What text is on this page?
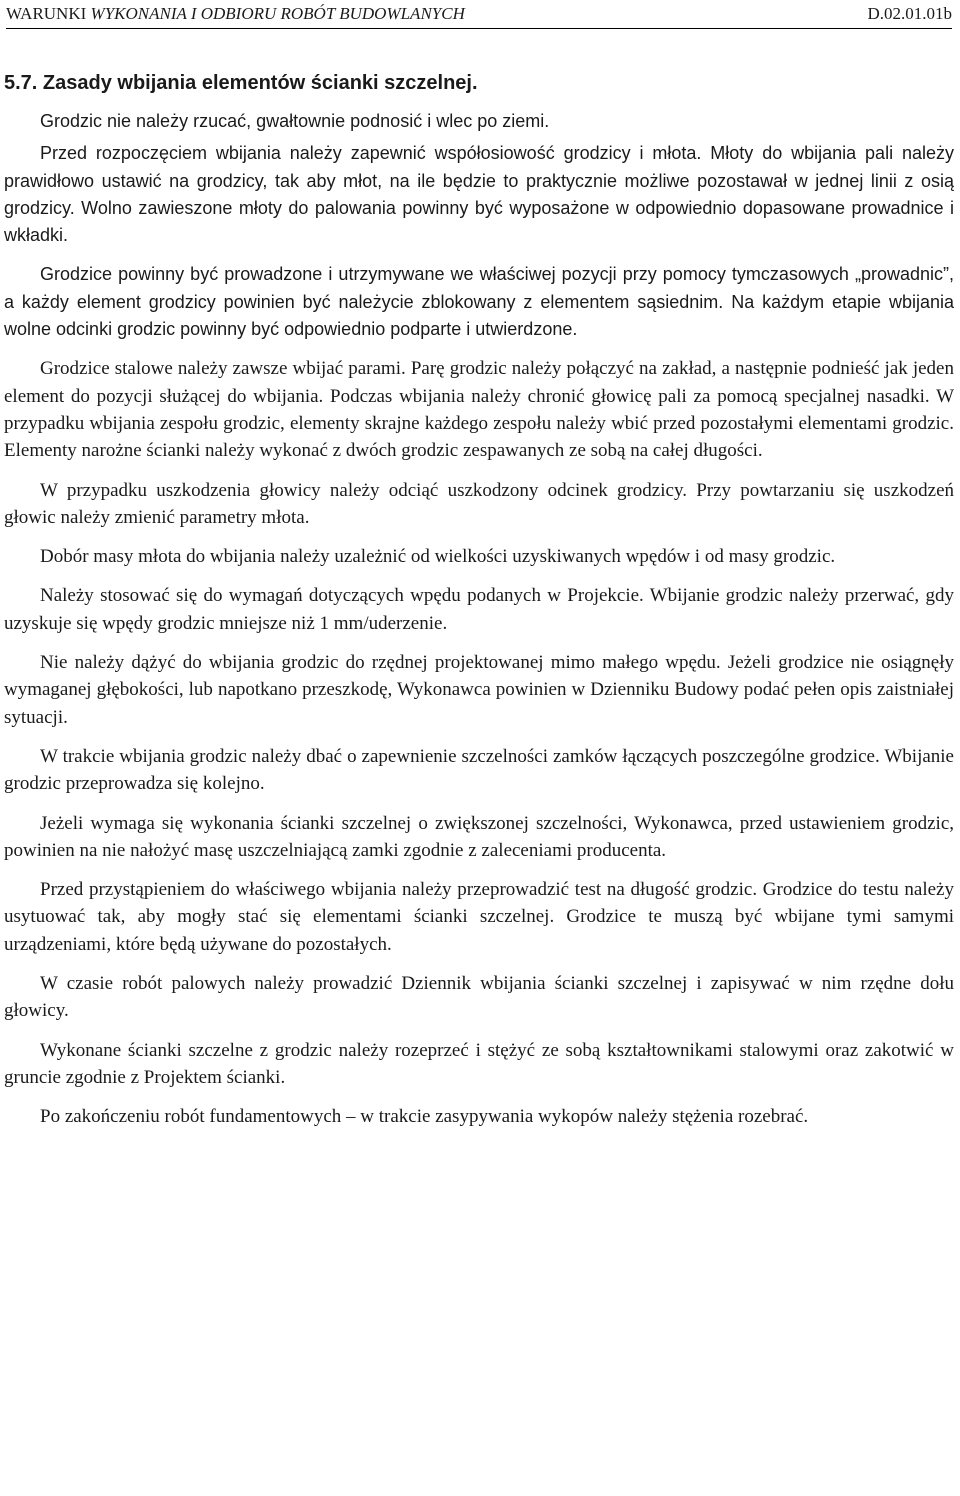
WARUNKI WYKONANIA I ODBIORU ROBÓT BUDOWLANYCH	D.02.01.01b
5.7. Zasady wbijania elementów ścianki szczelnej.

Grodzic nie należy rzucać, gwałtownie podnosić i wlec po ziemi.

Przed rozpoczęciem wbijania należy zapewnić współosiowość grodzicy i młota. Młoty do wbijania pali należy prawidłowo ustawić na grodzicy, tak aby młot, na ile będzie to praktycznie możliwe pozostawał w jednej linii z osią grodzicy. Wolno zawieszone młoty do palowania powinny być wyposażone w odpowiednio dopasowane prowadnice i wkładki.

Grodzice powinny być prowadzone i utrzymywane we właściwej pozycji przy pomocy tymczasowych „prowadnic”, a każdy element grodzicy powinien być należycie zblokowany z elementem sąsiednim. Na każdym etapie wbijania wolne odcinki grodzic powinny być odpowiednio podparte i utwierdzone.

Grodzice stalowe należy zawsze wbijać parami. Parę grodzic należy połączyć na zakład, a następnie podnieść jak jeden element do pozycji służącej do wbijania. Podczas wbijania należy chronić głowicę pali za pomocą specjalnej nasadki. W przypadku wbijania zespołu grodzic, elementy skrajne każdego zespołu należy wbić przed pozostałymi elementami grodzic. Elementy narożne ścianki należy wykonać z dwóch grodzic zespawanych ze sobą na całej długości.

W przypadku uszkodzenia głowicy należy odciąć uszkodzony odcinek grodzicy. Przy powtarzaniu się uszkodzeń głowic należy zmienić parametry młota.

Dobór masy młota do wbijania należy uzależnić od wielkości uzyskiwanych wpędów i od masy grodzic.

Należy stosować się do wymagań dotyczących wpędu podanych w Projekcie. Wbijanie grodzic należy przerwać, gdy uzyskuje się wpędy grodzic mniejsze niż 1 mm/uderzenie.

Nie należy dążyć do wbijania grodzic do rzędnej projektowanej mimo małego wpędu. Jeżeli grodzice nie osiągnęły wymaganej głębokości, lub napotkano przeszkodę, Wykonawca powinien w Dzienniku Budowy podać pełen opis zaistniałej sytuacji.

W trakcie wbijania grodzic należy dbać o zapewnienie szczelności zamków łączących poszczególne grodzice. Wbijanie grodzic przeprowadza się kolejno.

Jeżeli wymaga się wykonania ścianki szczelnej o zwiększonej szczelności, Wykonawca, przed ustawieniem grodzic, powinien na nie nałożyć masę uszczelniającą zamki zgodnie z zaleceniami producenta.

Przed przystąpieniem do właściwego wbijania należy przeprowadzić test na długość grodzic. Grodzice do testu należy usytuować tak, aby mogły stać się elementami ścianki szczelnej. Grodzice te muszą być wbijane tymi samymi urządzeniami, które będą używane do pozostałych.

W czasie robót palowych należy prowadzić Dziennik wbijania ścianki szczelnej i zapisywać w nim rzędne dołu głowicy.

Wykonane ścianki szczelne z grodzic należy rozeprzeć i stężyć ze sobą kształtownikami stalowymi oraz zakotwić w gruncie zgodnie z Projektem ścianki.

Po zakończeniu robót fundamentowych – w trakcie zasypywania wykopów należy stężenia rozebrać.
